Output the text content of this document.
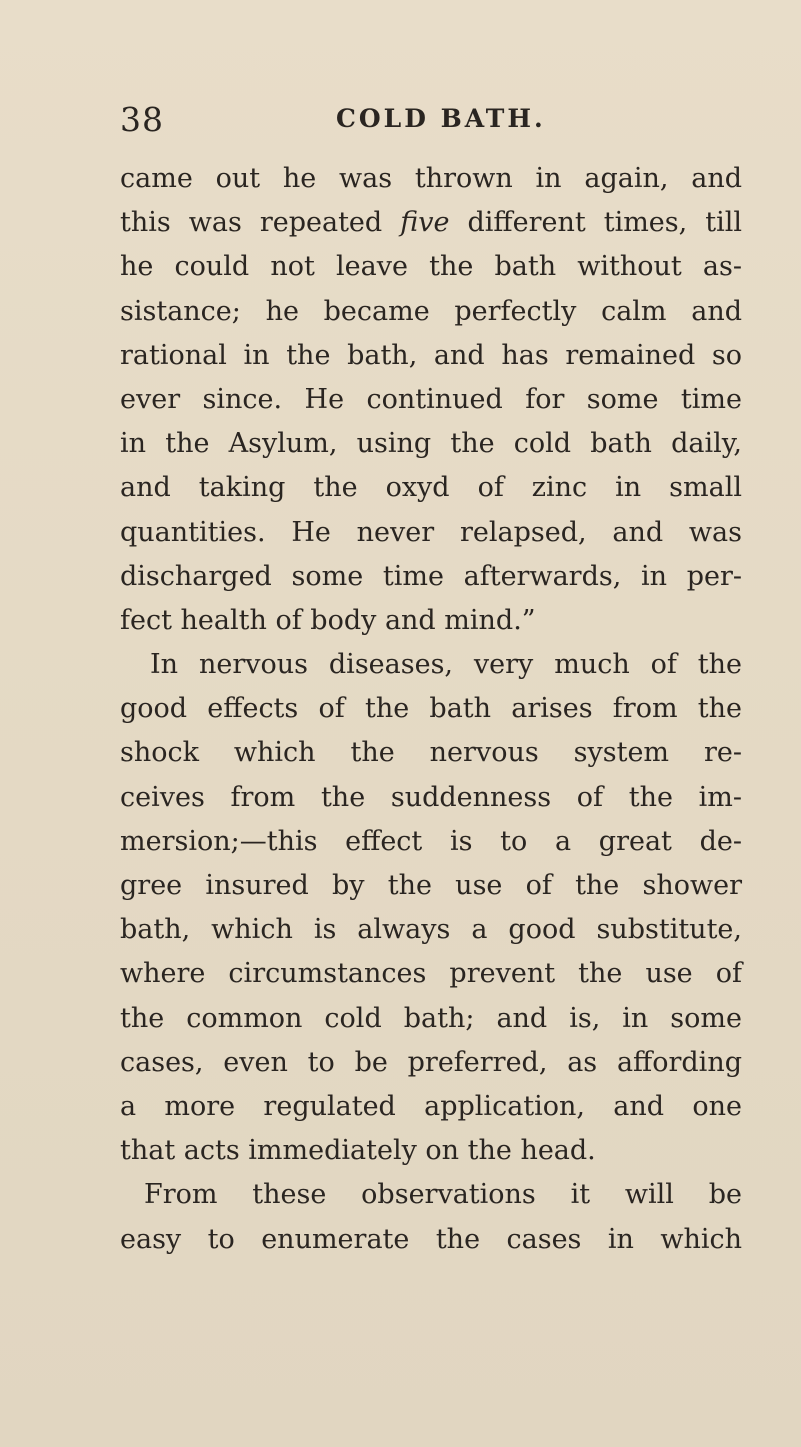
38	COLD BATH.
came out he was thrown in again, and
this was repeated five different times, till
he could not leave the bath without as-
sistance; he became perfectly calm and
rational in the bath, and has remained so
ever since. He continued for some time
in the Asylum, using the cold bath daily,
and taking the oxyd of zinc in small
quantities. He never relapsed, and was
discharged some time afterwards, in per-
fect health of body and mind.”
In nervous diseases, very much of the
good effects of the bath arises from the
shock which the nervous system re-
ceives from the suddenness of the im-
mersion;—this effect is to a great de-
gree insured by the use of the shower
bath, which is always a good substitute,
where circumstances prevent the use of
the common cold bath; and is, in some
cases, even to be preferred, as affording
a more regulated application, and one
that acts immediately on the head.
From these observations it will be
easy to enumerate the cases in which
